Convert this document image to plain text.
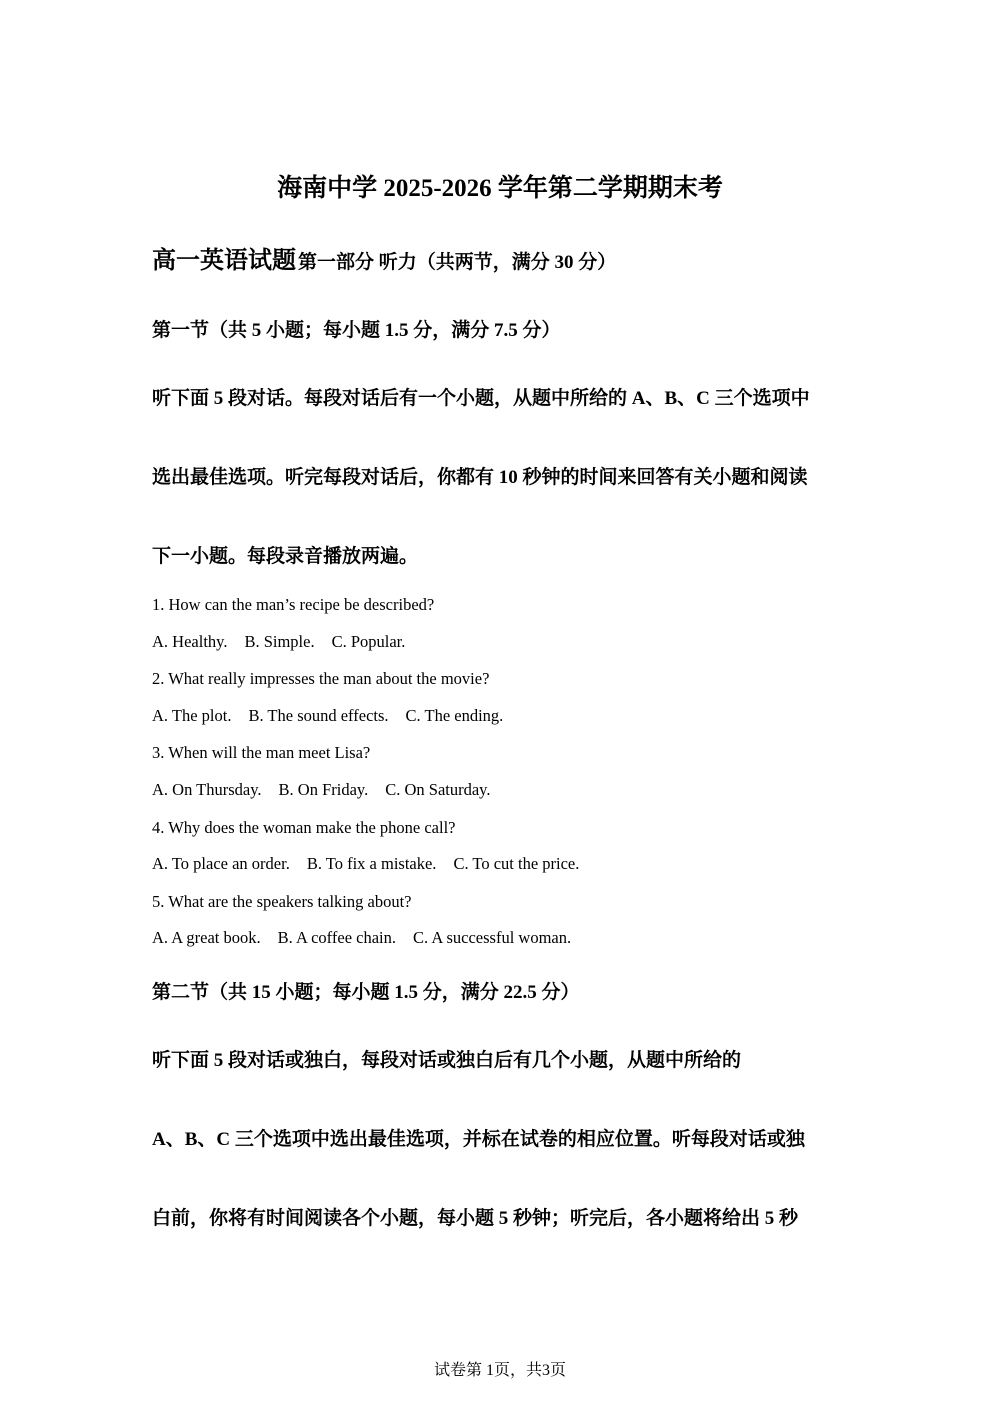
海南中学 2025-2026 学年第二学期期末考
高一英语试题 第一部分 听力（共两节，满分 30 分）
第一节（共 5 小题；每小题 1.5 分，满分 7.5 分）
听下面 5 段对话。每段对话后有一个小题，从题中所给的 A、B、C 三个选项中
选出最佳选项。听完每段对话后，你都有 10 秒钟的时间来回答有关小题和阅读
下一小题。每段录音播放两遍。
1. How can the man’s recipe be described?
A. Healthy. B. Simple. C. Popular.
2. What really impresses the man about the movie?
A. The plot. B. The sound effects. C. The ending.
3. When will the man meet Lisa?
A. On Thursday. B. On Friday. C. On Saturday.
4. Why does the woman make the phone call?
A. To place an order. B. To fix a mistake. C. To cut the price.
5. What are the speakers talking about?
A. A great book. B. A coffee chain. C. A successful woman.
第二节（共 15 小题；每小题 1.5 分，满分 22.5 分）
听下面 5 段对话或独白，每段对话或独白后有几个小题，从题中所给的
A、B、C 三个选项中选出最佳选项，并标在试卷的相应位置。听每段对话或独
白前，你将有时间阅读各个小题，每小题 5 秒钟；听完后，各小题将给出 5 秒
试卷第 1页，共3页
